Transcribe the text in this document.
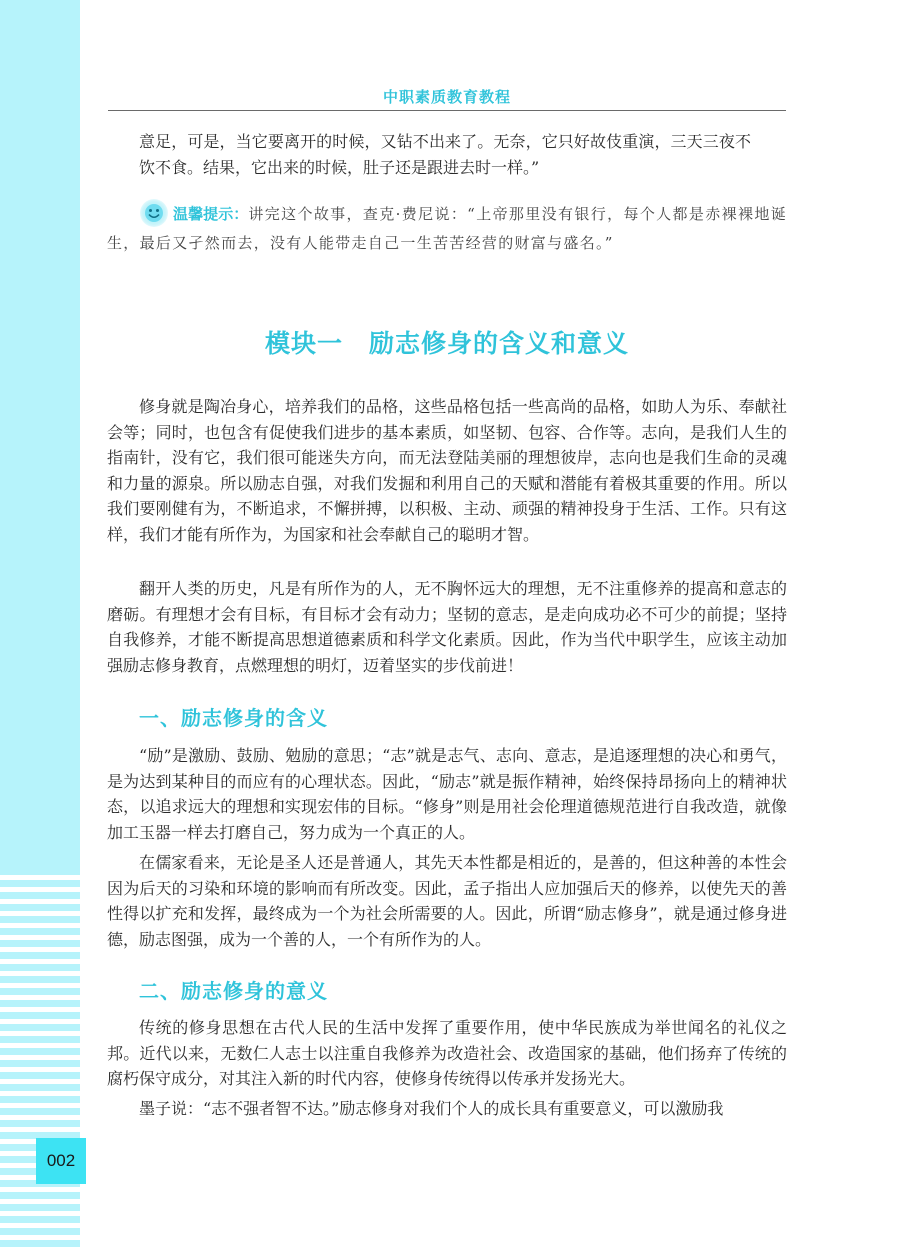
002
中职素质教育教程

意足，可是，当它要离开的时候，又钻不出来了。无奈，它只好故伎重演，三天三夜不饮不食。结果，它出来的时候，肚子还是跟进去时一样。”

温馨提示：讲完这个故事，查克·费尼说：“上帝那里没有银行，每个人都是赤裸裸地诞生，最后又孑然而去，没有人能带走自己一生苦苦经营的财富与盛名。”

模块一　励志修身的含义和意义

修身就是陶冶身心，培养我们的品格，这些品格包括一些高尚的品格，如助人为乐、奉献社会等；同时，也包含有促使我们进步的基本素质，如坚韧、包容、合作等。志向，是我们人生的指南针，没有它，我们很可能迷失方向，而无法登陆美丽的理想彼岸，志向也是我们生命的灵魂和力量的源泉。所以励志自强，对我们发掘和利用自己的天赋和潜能有着极其重要的作用。所以我们要刚健有为，不断追求，不懈拼搏，以积极、主动、顽强的精神投身于生活、工作。只有这样，我们才能有所作为，为国家和社会奉献自己的聪明才智。

翻开人类的历史，凡是有所作为的人，无不胸怀远大的理想，无不注重修养的提高和意志的磨砺。有理想才会有目标，有目标才会有动力；坚韧的意志，是走向成功必不可少的前提；坚持自我修养，才能不断提高思想道德素质和科学文化素质。因此，作为当代中职学生，应该主动加强励志修身教育，点燃理想的明灯，迈着坚实的步伐前进！

一、励志修身的含义

“励”是激励、鼓励、勉励的意思；“志”就是志气、志向、意志，是追逐理想的决心和勇气，是为达到某种目的而应有的心理状态。因此，“励志”就是振作精神，始终保持昂扬向上的精神状态，以追求远大的理想和实现宏伟的目标。“修身”则是用社会伦理道德规范进行自我改造，就像加工玉器一样去打磨自己，努力成为一个真正的人。

在儒家看来，无论是圣人还是普通人，其先天本性都是相近的，是善的，但这种善的本性会因为后天的习染和环境的影响而有所改变。因此，孟子指出人应加强后天的修养，以使先天的善性得以扩充和发挥，最终成为一个为社会所需要的人。因此，所谓“励志修身”，就是通过修身进德，励志图强，成为一个善的人，一个有所作为的人。

二、励志修身的意义

传统的修身思想在古代人民的生活中发挥了重要作用，使中华民族成为举世闻名的礼仪之邦。近代以来，无数仁人志士以注重自我修养为改造社会、改造国家的基础，他们扬弃了传统的腐朽保守成分，对其注入新的时代内容，使修身传统得以传承并发扬光大。

墨子说：“志不强者智不达。”励志修身对我们个人的成长具有重要意义，可以激励我
